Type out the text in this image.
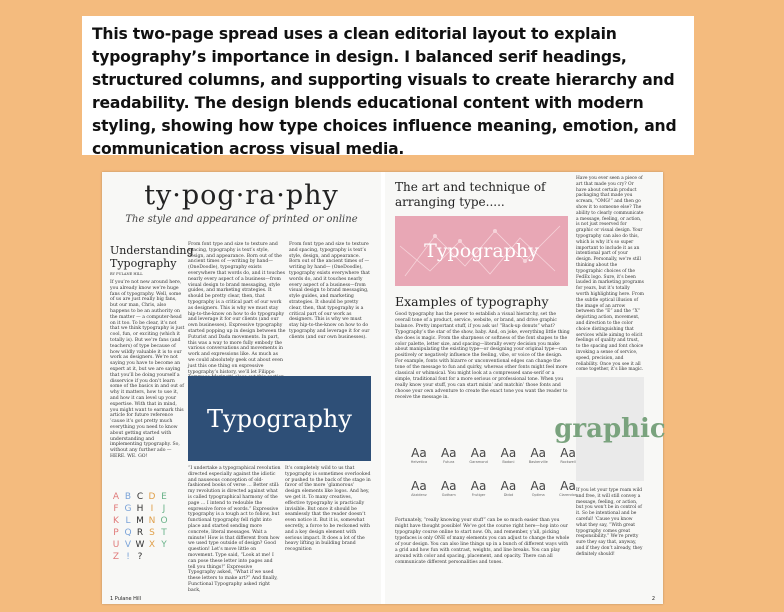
This two-page spread uses a clean editorial layout to explain typography’s importance in design. I balanced serif headings, structured columns, and supporting visuals to create hierarchy and readability. The design blends educational content with modern styling, showing how type choices influence meaning, emotion, and communication across visual media.

ty·pog·ra·phy
The style and appearance of printed or online
Understanding Typography
BY PULANE HILL

If you’re not new around here, you already know we’re huge fans of typography. Well, some of us are just really big fans, but our man, Chris, also happens to be an authority on the matter — a computer-head on it too. To be clear, it’s not that we think typography is just cool, fun, or exciting (which it totally is). But we’re fans (and teachers) of type because of how wildly valuable it is to our work as designers. We’re not saying you have to become an expert at it, but we are saying that you’ll be doing yourself a disservice if you don’t learn some of the basics in and out of why it matters, how to use it, and how it can level up your expertise. With that in mind, you might want to earmark this article for future reference ’cause it’s got pretty much everything you need to know about getting started with understanding and implementing typography. So, without any further ado — HERE. WE. GO!

From font type and size to texture and spacing, typography is text’s style, design, and appearance. Born out of the ancient times of —writing by hand— (OneDoodle), typography exists everywhere that words do, and it touches nearly every aspect of a business—from visual design to brand messaging, style guides, and marketing strategies. It should be pretty clear, then, that typography is a critical part of our work as designers. This is why we must stay hip-to-the-know on how to do typography and leverage it for our clients (and our own businesses). Expressive typography started popping up in design between the Futurist and Dada movements. In part, this was a way to more fully embody the various conversations and movements in work and expressions like. As much as we could absolutely geek out about even just this one thing on expressive typography’s history, we’ll let Filippo

From font type and size to texture and spacing, typography is text’s style, design, and appearance. Born out of the ancient times of —writing by hand— (OneDoodle), typography exists everywhere that words do, and it touches nearly every aspect of a business—from visual design to brand messaging, style guides, and marketing strategies. It should be pretty clear, then, that typography is a critical part of our work as designers. This is why we must stay hip-to-the-know on how to do typography and leverage it for our clients (and our own businesses).

Typography

“I undertake a typographical revolution directed especially against the idiotic and nauseous conception of old-fashioned books of verse … Better still: my revolution is directed against what is called typographical harmony of the page … I intend to redouble the expressive force of words.” Expressive typography is a tough act to follow, but functional typography fell right into place and started sending more concrete, literal messages. Wait a minute! How is that different from how we used type outside of design? Good question! Let’s move little on movement. Type said, “Look at me! I can pose these letter into pages and tell you things!” Expressive Typography asked, “What if we used these letters to make art?” And finally, Functional Typography asked right back,

It’s completely wild to us that typography is sometimes overlooked or pushed to the back of the stage in favor of the more ‘glamorous’ design elements like logos. And hey, we get it. To many creatives, effective typography is practically invisible. But once it should be seamlessly that the reader doesn’t even notice it. But it is, somewhat secretly, a force to be reckoned with and a key design element with serious impact. It does a lot of the heavy lifting in building brand recognition

A B C D E
F G H I	J
K L M N O
P Q R S T
U V W X Y
Z ! ?
1 Pulane Hill
The art and technique of arranging type.....
Typography
Examples of typography

Good typography has the power to establish a visual hierarchy, set the overall tone of a product, service, website, or brand, and drive graphic balance. Pretty important stuff, if you ask us! “Back-up donuts” what? Typography’s the star of the show, baby. And, on joke, everything little thing she does is magic. From the sharpness or softness of the font shapes to the color palette, letter size, and spacing—literally every decision you make about manipulating the existing type—or designing your original type—can positively or negatively influence the feeling, vibe, or voice of the design. For example, fonts with bizarre or unconventional edges can change the tone of the message to fun and quirky, whereas other fonts might feel more classical or whimsical. You might look at a compressed sans-serif or a simple, traditional font for a more serious or professional tone. When you really know your stuff, you can start mixin’ and matchin’ those fonts and choose your own adventure to create the exact tone you want the reader to receive the message in.

Aa
Helvetica
Aa
Futura
Aa
Garamond
Aa
Bodoni
Aa
Baskerville
Aa
Rockwell
Aa
Akzidenz
Aa
Gotham
Aa
Frutiger
Aa
Didot
Aa
Optima
Aa
Clarendon

Fortunately, “really knowing your stuff” can be so much easier than you might have thought possible! We’ve got the course right here—hop into our typography course online to start now. Oh, and remember, y’all, picking typefaces is only ONE of many elements you can adjust to change the whole of your design. You can also line things up in a bunch of different ways with a grid and how fun with contrast, weights, and line breaks. You can play around with color and spacing, placement, and opacity. There can all communicate different personalities and tones.

Have you ever seen a piece of art that made you cry? Or have about certain product packaging that made you scream, “OMG!” and then go show it to someone else? The ability to clearly communicate a message, feeling, or action, is not just reserved for graphic or visual design. Your typography can also do this, which is why it’s so super important to include it as an intentional part of your design. Personally, we’re still thinking about the typographic choices of the FedEx logo. Sure, it’s been lauded in marketing programs for years, but it’s totally worth highlighting here. From the subtle optical illusion of the image of an arrow between the “E” and the “X” depicting action, movement, and direction to the color choice distinguishing that services while aiming to elicit feelings of quality and trust, to the spacing and font choice invoking a sense of service, speed, precision, and reliability. Once you see it all come together, it’s like magic.

graphic

If you let your type roam wild and free, it will still convey a message, feeling, or action, but you won’t be in control of it. So be intentional and be careful! ’Cause you know what they say, “With great typography comes great responsibility.” We’re pretty sure they say that, anyway, and if they don’t already, they definitely should!

2
